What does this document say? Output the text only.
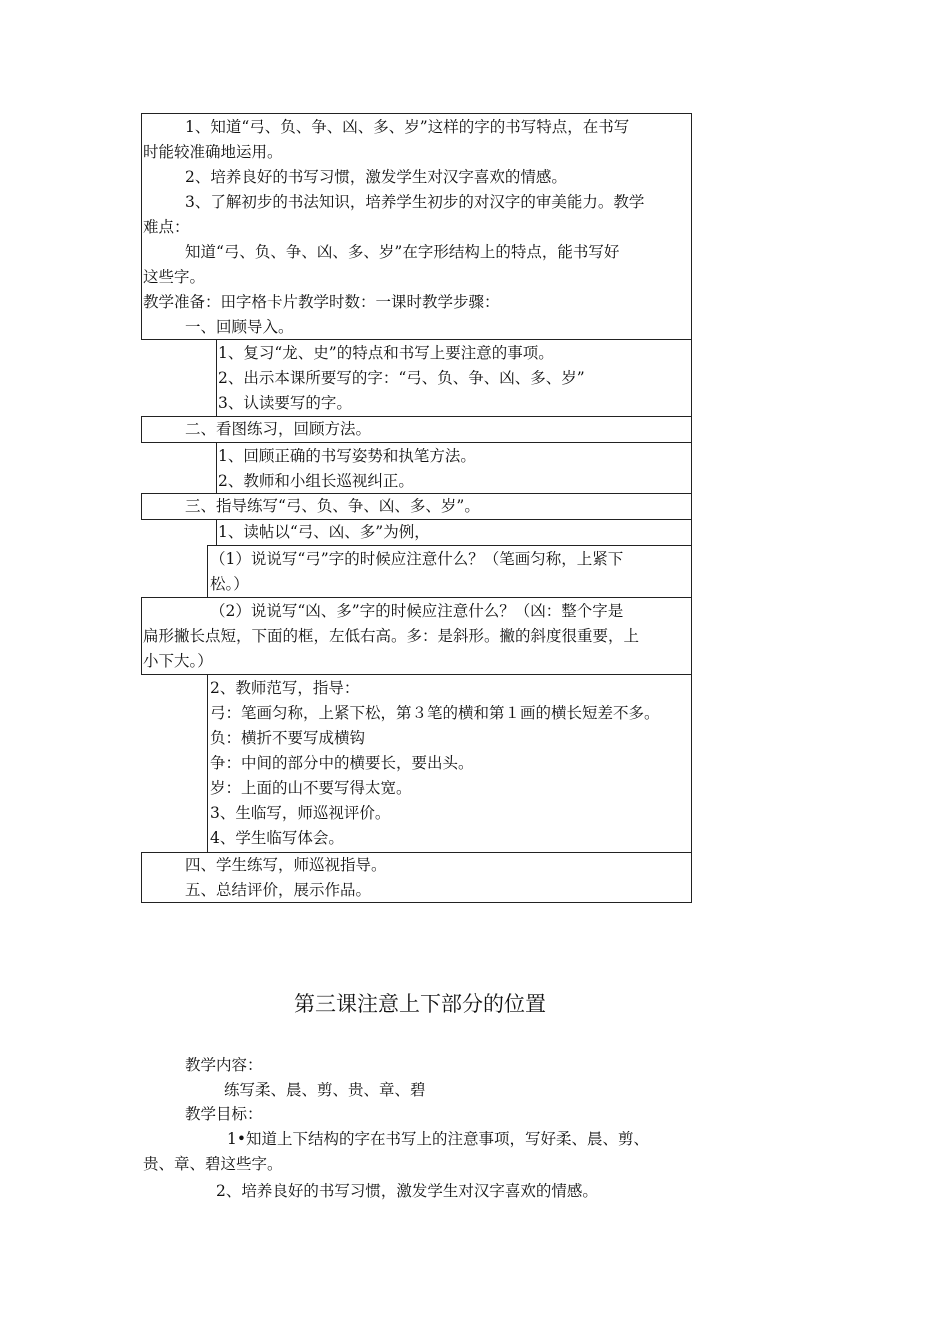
1、知道“弓、负、争、凶、多、岁”这样的字的书写特点，在书写
时能较准确地运用。
2、培养良好的书写习惯，激发学生对汉字喜欢的情感。
3、了解初步的书法知识，培养学生初步的对汉字的审美能力。教学
难点：
知道“弓、负、争、凶、多、岁”在字形结构上的特点，能书写好
这些字。
教学准备：田字格卡片教学时数：一课时教学步骤：
一、回顾导入。
1、复习“龙、史”的特点和书写上要注意的事项。
2、出示本课所要写的字：“弓、负、争、凶、多、岁”
3、认读要写的字。
二、看图练习，回顾方法。
1、回顾正确的书写姿势和执笔方法。
2、教师和小组长巡视纠正。
三、指导练写“弓、负、争、凶、多、岁”。
1、读帖以“弓、凶、多”为例，
（1）说说写“弓”字的时候应注意什么？（笔画匀称，上紧下
松。）
（2）说说写“凶、多”字的时候应注意什么？（凶：整个字是
扁形撇长点短，下面的框，左低右高。多：是斜形。撇的斜度很重要，上
小下大。）
2、教师范写，指导：
弓：笔画匀称，上紧下松，第３笔的横和第１画的横长短差不多。
负：横折不要写成横钩
争：中间的部分中的横要长，要出头。
岁：上面的山不要写得太宽。
3、生临写，师巡视评价。
4、学生临写体会。
四、学生练写，师巡视指导。
五、总结评价，展示作品。
第三课注意上下部分的位置
教学内容：
练写柔、晨、剪、贵、章、碧
教学目标：
1•知道上下结构的字在书写上的注意事项，写好柔、晨、剪、
贵、章、碧这些字。
2、培养良好的书写习惯，激发学生对汉字喜欢的情感。
